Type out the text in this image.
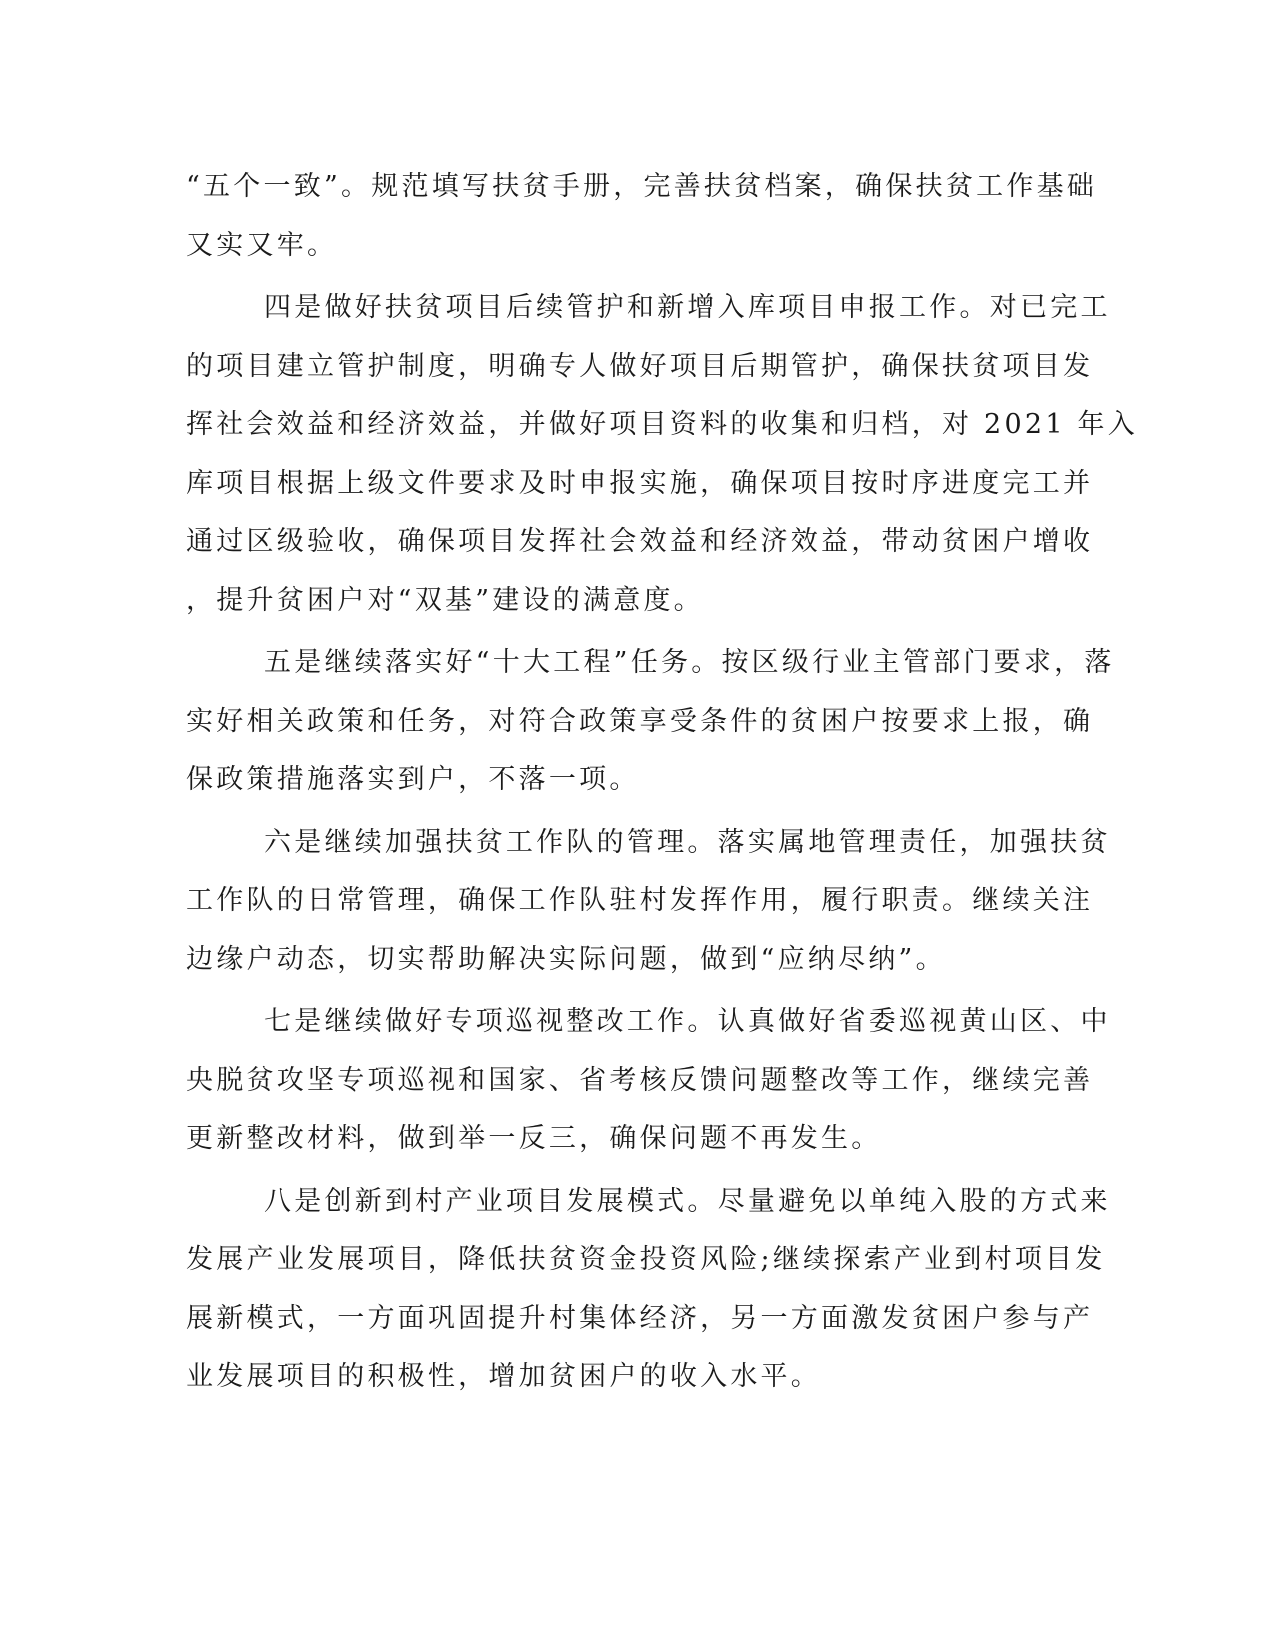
“五个一致”。规范填写扶贫手册，完善扶贫档案，确保扶贫工作基础
又实又牢。
四是做好扶贫项目后续管护和新增入库项目申报工作。对已完工
的项目建立管护制度，明确专人做好项目后期管护，确保扶贫项目发
挥社会效益和经济效益，并做好项目资料的收集和归档，对 2021 年入
库项目根据上级文件要求及时申报实施，确保项目按时序进度完工并
通过区级验收，确保项目发挥社会效益和经济效益，带动贫困户增收
，提升贫困户对“双基”建设的满意度。
五是继续落实好“十大工程”任务。按区级行业主管部门要求，落
实好相关政策和任务，对符合政策享受条件的贫困户按要求上报，确
保政策措施落实到户，不落一项。
六是继续加强扶贫工作队的管理。落实属地管理责任，加强扶贫
工作队的日常管理，确保工作队驻村发挥作用，履行职责。继续关注
边缘户动态，切实帮助解决实际问题，做到“应纳尽纳”。
七是继续做好专项巡视整改工作。认真做好省委巡视黄山区、中
央脱贫攻坚专项巡视和国家、省考核反馈问题整改等工作，继续完善
更新整改材料，做到举一反三，确保问题不再发生。
八是创新到村产业项目发展模式。尽量避免以单纯入股的方式来
发展产业发展项目，降低扶贫资金投资风险;继续探索产业到村项目发
展新模式，一方面巩固提升村集体经济，另一方面激发贫困户参与产
业发展项目的积极性，增加贫困户的收入水平。
